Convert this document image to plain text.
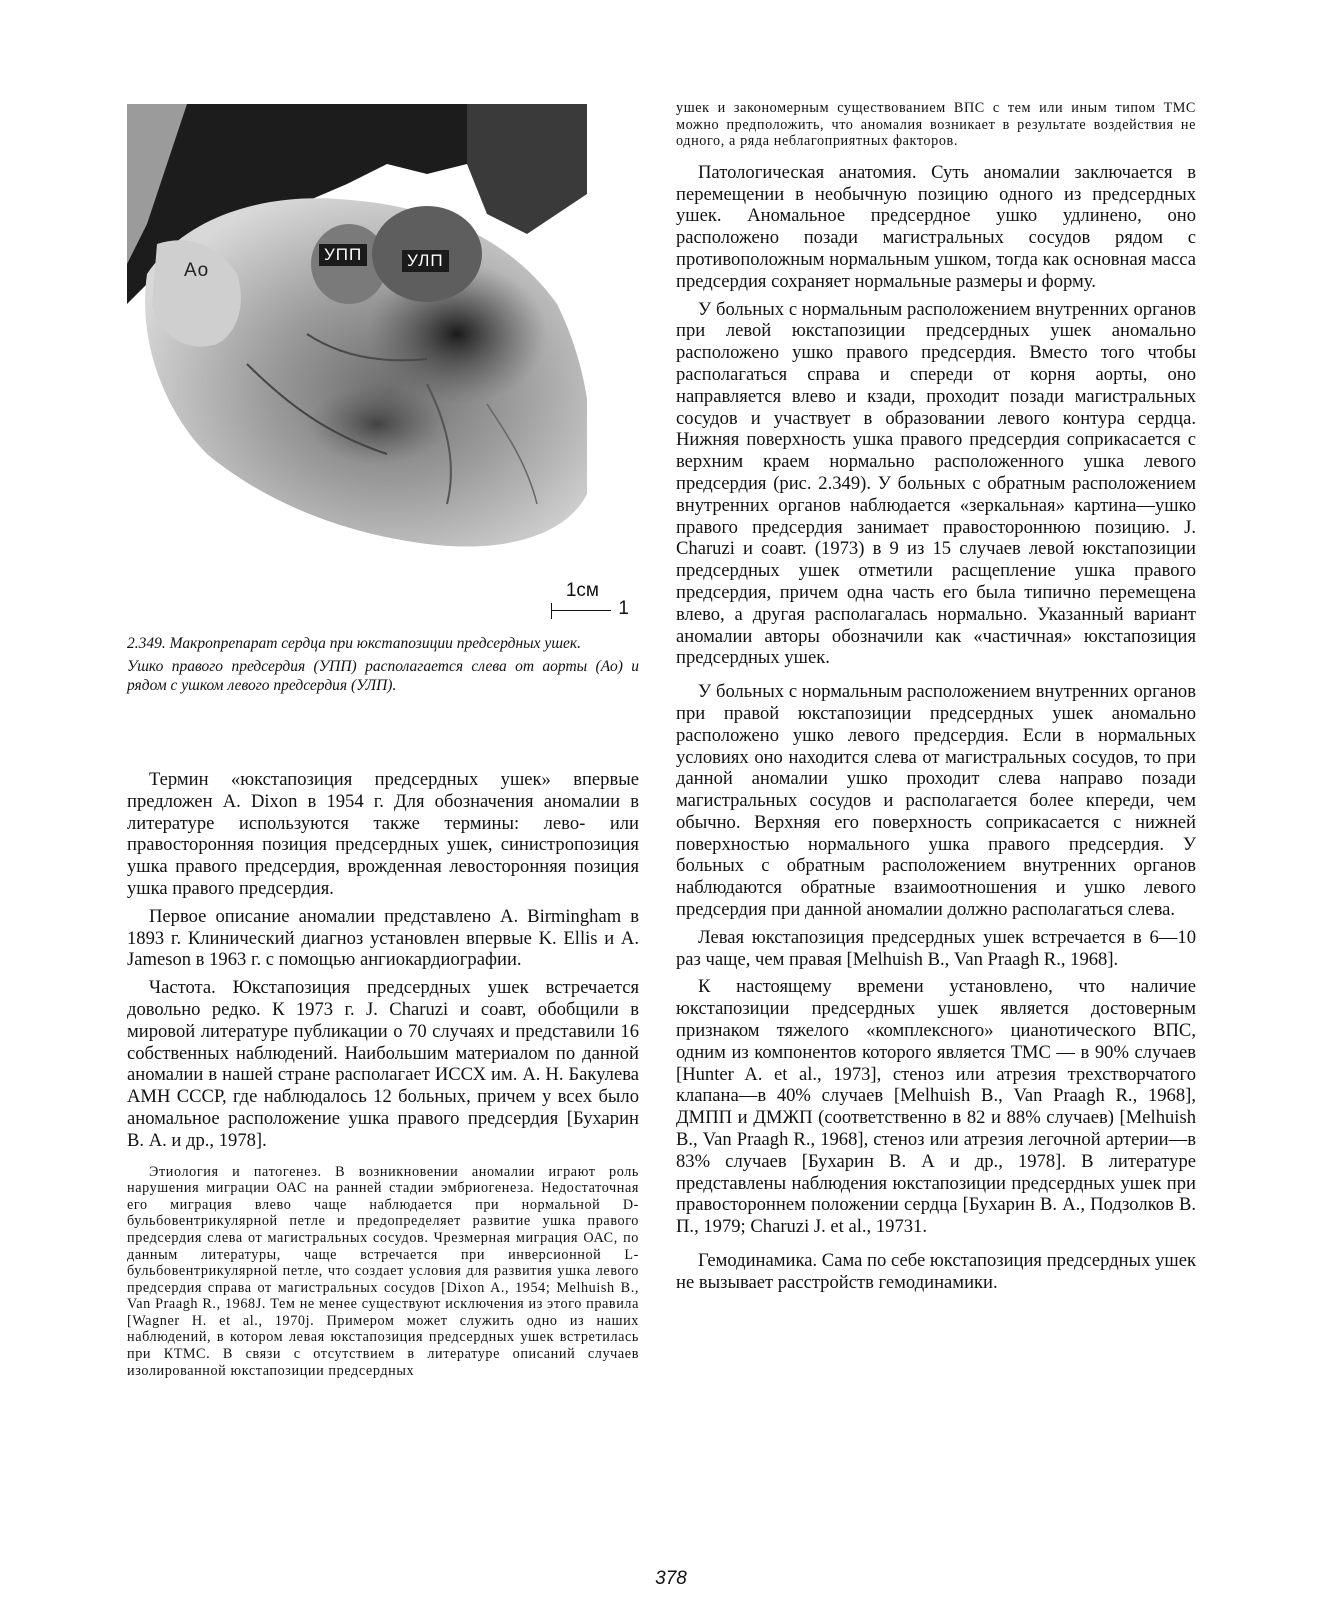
Ао
УПП	УЛП
1см
1

2.349. Макропрепарат сердца при юкстапозиции предсердных ушек.

Ушко правого предсердия (УПП) располагается слева от аорты (Ао) и рядом с ушком левого предсердия (УЛП).

Термин «юкстапозиция предсердных ушек» впервые предложен A. Dixon в 1954 г. Для обозначения аномалии в литературе используются также термины: лево- или правосторонняя позиция предсердных ушек, синистропозиция ушка правого предсердия, врожденная левосторонняя позиция ушка правого предсердия.

Первое описание аномалии представлено A. Birmingham в 1893 г. Клинический диагноз установлен впервые K. Ellis и A. Jameson в 1963 г. с помощью ангиокардиографии.

Частота. Юкстапозиция предсердных ушек встречается довольно редко. К 1973 г. J. Charuzi и соавт, обобщили в мировой литературе публикации о 70 случаях и представили 16 собственных наблюдений. Наибольшим материалом по данной аномалии в нашей стране располагает ИССХ им. А. Н. Бакулева АМН СССР, где наблюдалось 12 больных, причем у всех было аномальное расположение ушка правого предсердия [Бухарин В. А. и др., 1978].

Этиология и патогенез. В возникновении аномалии играют роль нарушения миграции ОАС на ранней стадии эмбриогенеза. Недостаточная его миграция влево чаще наблюдается при нормальной D-бульбовентрикулярной петле и предопределяет развитие ушка правого предсердия слева от магистральных сосудов. Чрезмерная миграция ОАС, по данным литературы, чаще встречается при инверсионной L-бульбовентрикулярной петле, что создает условия для развития ушка левого предсердия справа от магистральных сосудов [Dixon A., 1954; Melhuish В., Van Praagh R., 1968J. Тем не менее существуют исключения из этого правила [Wagner H. et al., 1970j. Примером может служить одно из наших наблюдений, в котором левая юкстапозиция предсердных ушек встретилась при КТМС. В связи с отсутствием в литературе описаний случаев изолированной юкстапозиции предсердных

ушек и закономерным существованием ВПС с тем или иным типом ТМС можно предположить, что аномалия возникает в результате воздействия не одного, а ряда неблагоприятных факторов.

Патологическая анатомия. Суть аномалии заключается в перемещении в необычную позицию одного из предсердных ушек. Аномальное предсердное ушко удлинено, оно расположено позади магистральных сосудов рядом с противоположным нормальным ушком, тогда как основная масса предсердия сохраняет нормальные размеры и форму.

У больных с нормальным расположением внутренних органов при левой юкстапозиции предсердных ушек аномально расположено ушко правого предсердия. Вместо того чтобы располагаться справа и спереди от корня аорты, оно направляется влево и кзади, проходит позади магистральных сосудов и участвует в образовании левого контура сердца. Нижняя поверхность ушка правого предсердия соприкасается с верхним краем нормально расположенного ушка левого предсердия (рис. 2.349). У больных с обратным расположением внутренних органов наблюдается «зеркальная» картина—ушко правого предсердия занимает правостороннюю позицию. J. Charuzi и соавт. (1973) в 9 из 15 случаев левой юкстапозиции предсердных ушек отметили расщепление ушка правого предсердия, причем одна часть его была типично перемещена влево, а другая располагалась нормально. Указанный вариант аномалии авторы обозначили как «частичная» юкстапозиция предсердных ушек.

У больных с нормальным расположением внутренних органов при правой юкстапозиции предсердных ушек аномально расположено ушко левого предсердия. Если в нормальных условиях оно находится слева от магистральных сосудов, то при данной аномалии ушко проходит слева направо позади магистральных сосудов и располагается более кпереди, чем обычно. Верхняя его поверхность соприкасается с нижней поверхностью нормального ушка правого предсердия. У больных с обратным расположением внутренних органов наблюдаются обратные взаимоотношения и ушко левого предсердия при данной аномалии должно располагаться слева.

Левая юкстапозиция предсердных ушек встречается в 6—10 раз чаще, чем правая [Melhuish В., Van Praagh R., 1968].

К настоящему времени установлено, что наличие юкстапозиции предсердных ушек является достоверным признаком тяжелого «комплексного» цианотического ВПС, одним из компонентов которого является ТМС — в 90% случаев [Hunter A. et al., 1973], стеноз или атрезия трехстворчатого клапана—в 40% случаев [Melhuish В., Van Praagh R., 1968], ДМПП и ДМЖП (соответственно в 82 и 88% случаев) [Melhuish В., Van Praagh R., 1968], стеноз или атрезия легочной артерии—в 83% случаев [Бухарин В. А и др., 1978]. В литературе представлены наблюдения юкстапозиции предсердных ушек при правостороннем положении сердца [Бухарин В. А., Подзолков В. П., 1979; Charuzi J. et al., 19731.

Гемодинамика. Сама по себе юкстапозиция предсердных ушек не вызывает расстройств гемодинамики.

378
